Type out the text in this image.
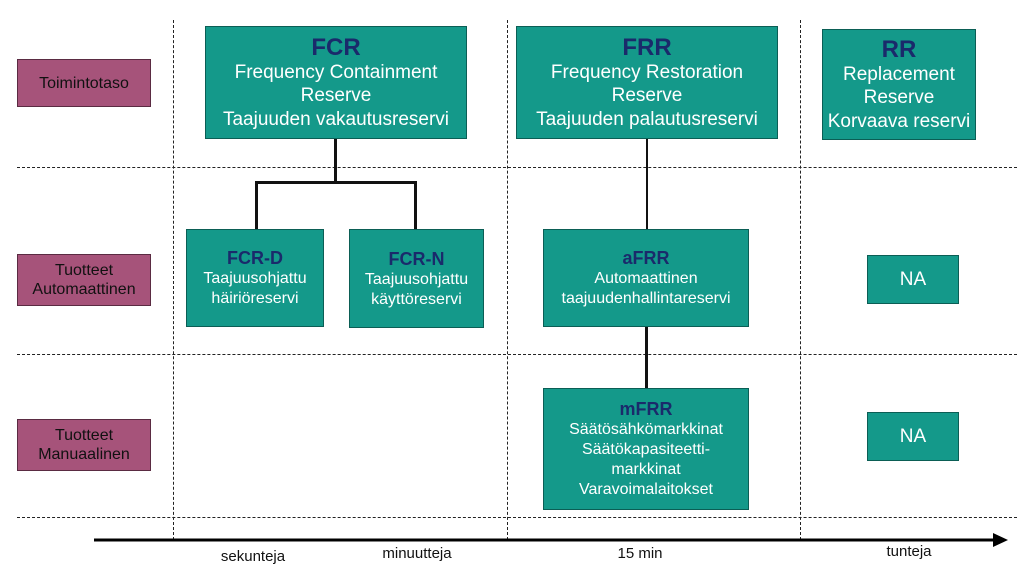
Toimintotaso
Tuotteet
Automaattinen
Tuotteet
Manuaalinen
FCR
Frequency Containment
Reserve
Taajuuden vakautusreservi
FRR
Frequency Restoration
Reserve
Taajuuden palautusreservi
RR
Replacement
Reserve
Korvaava reservi
FCR-D
Taajuusohjattu
häiriöreservi
FCR-N
Taajuusohjattu
käyttöreservi
aFRR
Automaattinen
taajuudenhallintareservi
mFRR
Säätösähkömarkkinat
Säätökapasiteetti-
markkinat
Varavoimalaitokset
NA
NA
sekunteja	minuutteja	15 min	tunteja
